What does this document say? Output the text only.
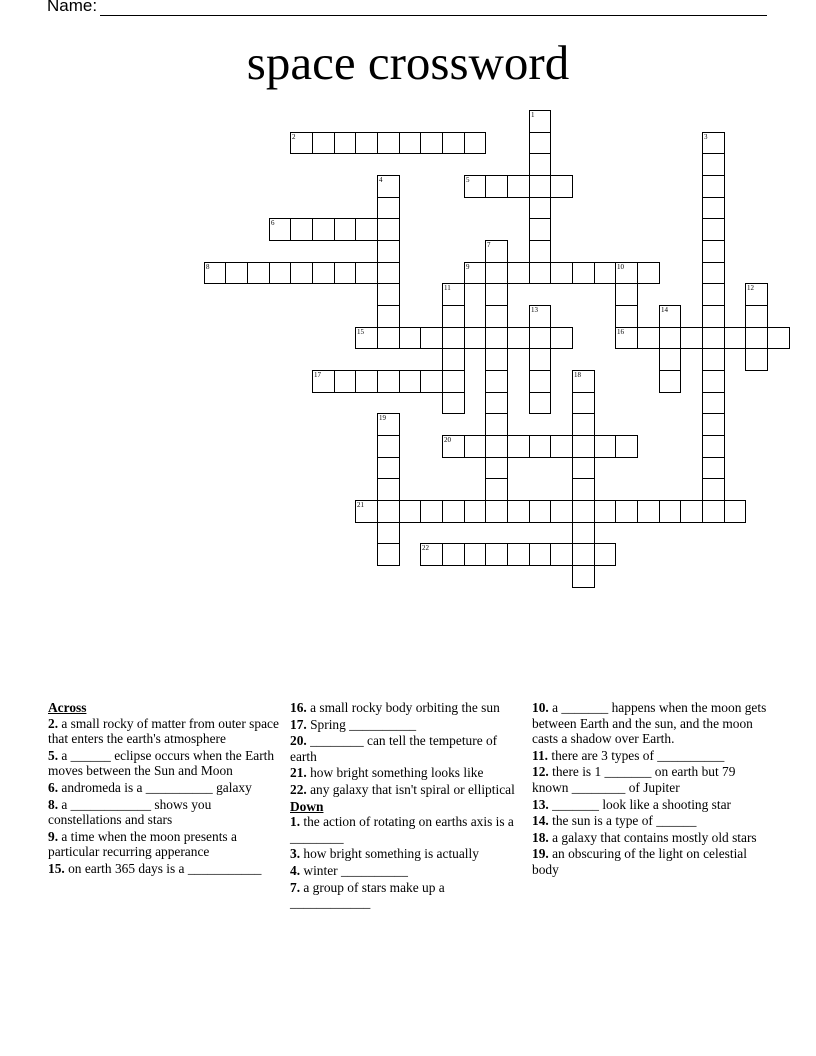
Name:
space crossword
2
5
6
8	9	10
15	16
17
20
21
22
1
3
4
7
11	12
13	14
18
19
Across
2. a small rocky of matter from outer space that enters the earth's atmosphere
5. a ______ eclipse occurs when the Earth moves between the Sun and Moon
6. andromeda is a __________ galaxy
8. a ____________ shows you constellations and stars
9. a time when the moon presents a particular recurring apperance
15. on earth 365 days is a ___________
16. a small rocky body orbiting the sun
17. Spring __________
20. ________ can tell the tempeture of earth
21. how bright something looks like
22. any galaxy that isn't spiral or elliptical
Down
1. the action of rotating on earths axis is a ________
3. how bright something is actually
4. winter __________
7. a group of stars make up a ____________
10. a _______ happens when the moon gets between Earth and the sun, and the moon casts a shadow over Earth.
11. there are 3 types of __________
12. there is 1 _______ on earth but 79 known ________ of Jupiter
13. _______ look like a shooting star
14. the sun is a type of ______
18. a galaxy that contains mostly old stars
19. an obscuring of the light on celestial body
